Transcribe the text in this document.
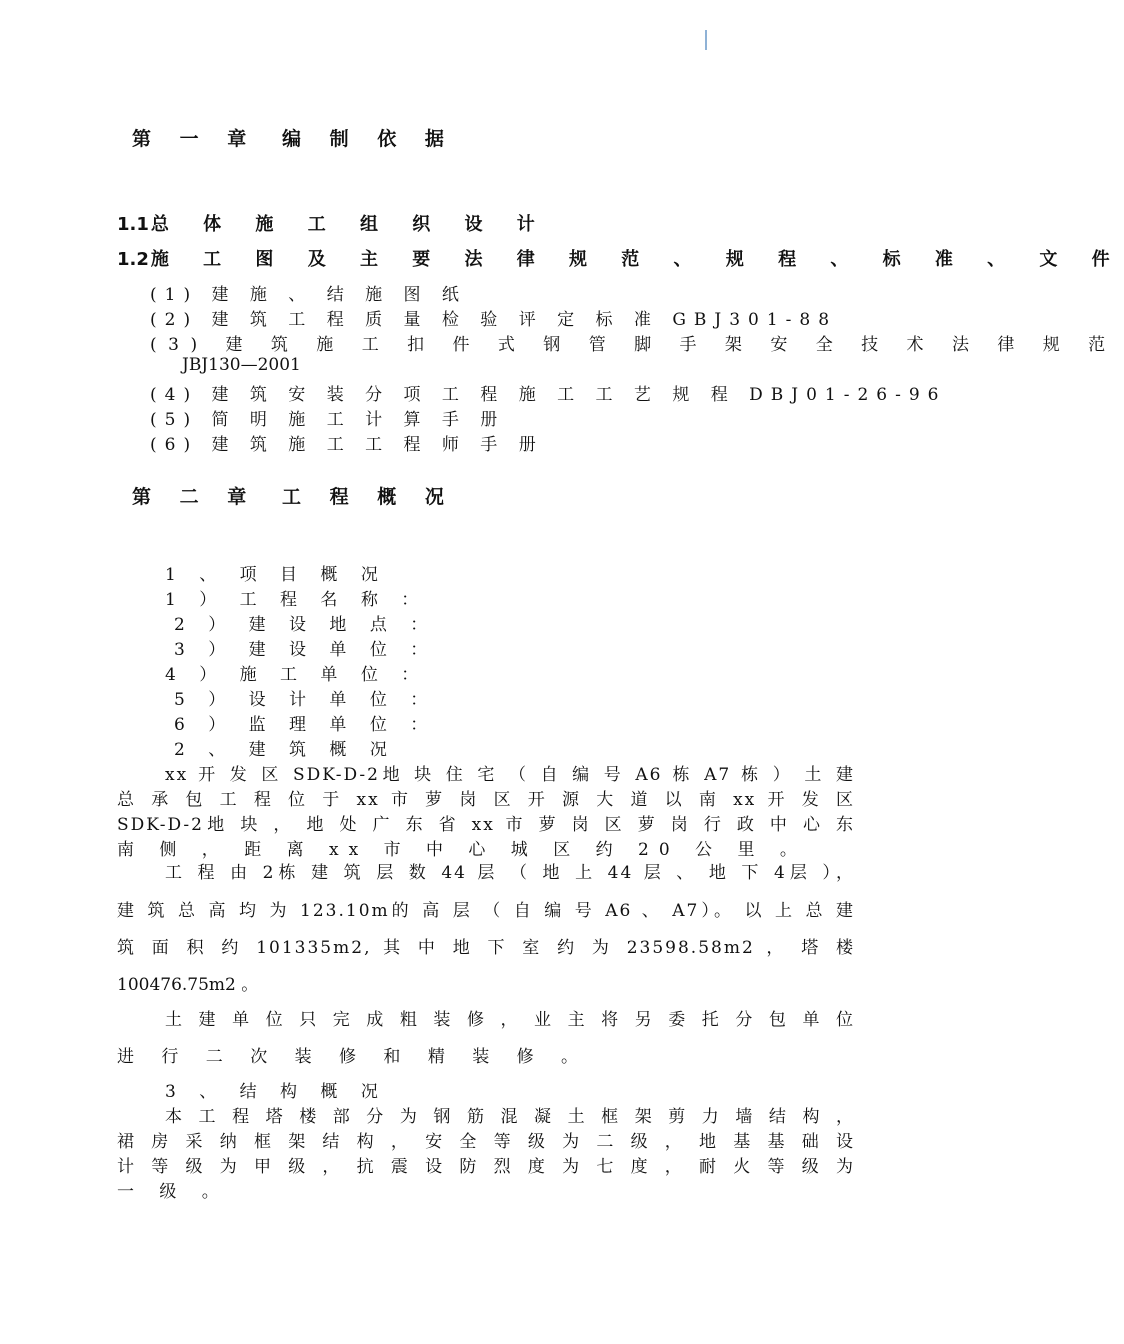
第 一 章 编 制 依 据
1.1 总 体 施 工 组 织 设 计
1.2 施 工 图 及 主 要 法 律 规 范 、 规 程 、 标 准 、 文 件
(1) 建 施 、 结 施 图 纸
(2) 建 筑 工 程 质 量 检 验 评 定 标 准 GBJ301-88
(3) 建 筑 施 工 扣 件 式 钢 管 脚 手 架 安 全 技 术 法 律 规 范
JBJ130—2001
(4) 建 筑 安 装 分 项 工 程 施 工 工 艺 规 程 DBJ01-26-96
(5) 简 明 施 工 计 算 手 册
(6) 建 筑 施 工 工 程 师 手 册
第 二 章 工 程 概 况
1 、 项 目 概 况
1 ） 工 程 名 称 ：
2 ） 建 设 地 点 ：
3 ） 建 设 单 位 ：
4 ） 施 工 单 位 ：
5 ） 设 计 单 位 ：
6 ） 监 理 单 位 ：
2 、 建 筑 概 况
xx 开 发 区 SDK-D-2地 块 住 宅 （ 自 编 号 A6 栋 A7 栋 ） 土 建
总 承 包 工 程 位 于 xx 市 萝 岗 区 开 源 大 道 以 南 xx 开 发 区
SDK-D-2地 块 ， 地 处 广 东 省 xx 市 萝 岗 区 萝 岗 行 政 中 心 东
南 侧 ， 距 离 xx 市 中 心 城 区 约 20 公 里 。
工 程 由 2栋 建 筑 层 数 44 层 （ 地 上 44 层 、 地 下 4层 ），
建 筑 总 高 均 为 123.10m的 高 层 （ 自 编 号 A6 、 A7）。 以 上 总 建
筑 面 积 约 101335m2, 其 中 地 下 室 约 为 23598.58m2 ， 塔 楼
100476.75m2 。
土 建 单 位 只 完 成 粗 装 修 ， 业 主 将 另 委 托 分 包 单 位
进 行 二 次 装 修 和 精 装 修 。
3 、 结 构 概 况
本 工 程 塔 楼 部 分 为 钢 筋 混 凝 土 框 架 剪 力 墙 结 构 ，
裙 房 采 纳 框 架 结 构 ， 安 全 等 级 为 二 级 ， 地 基 基 础 设
计 等 级 为 甲 级 ， 抗 震 设 防 烈 度 为 七 度 ， 耐 火 等 级 为
一 级 。
